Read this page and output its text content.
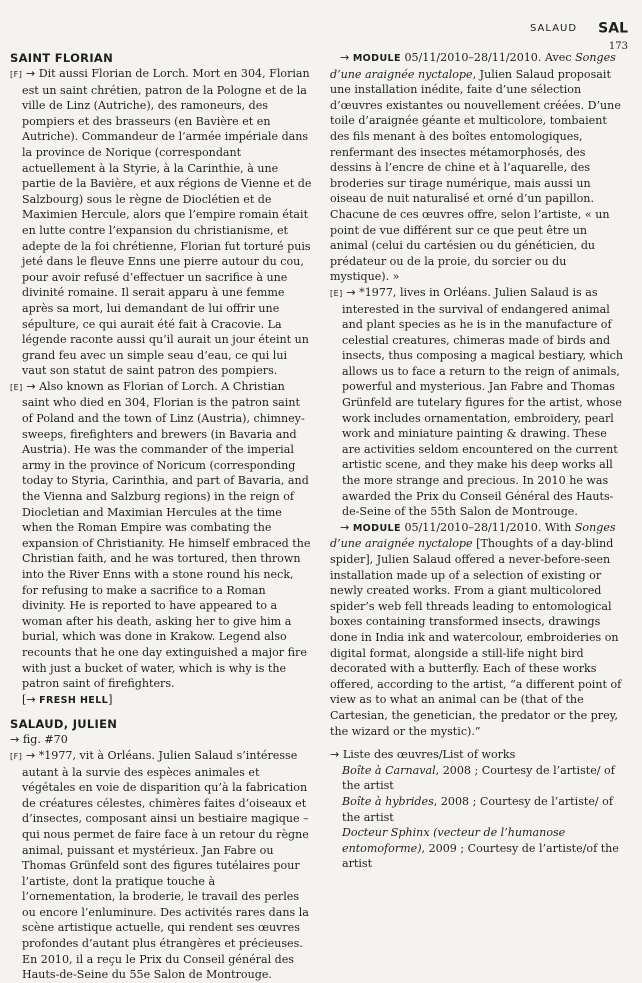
SALAUD SAL
173
SAINT FLORIAN

[F] → Dit aussi Florian de Lorch. Mort en 304, Florian est un saint chrétien, patron de la Pologne et de la ville de Linz (Autriche), des ramoneurs, des pompiers et des brasseurs (en Bavière et en Autriche). Commandeur de l’armée impériale dans la province de Norique (correspondant actuellement à la Styrie, à la Carinthie, à une partie de la Bavière, et aux régions de Vienne et de Salzbourg) sous le règne de Dioclétien et de Maximien Hercule, alors que l’empire romain était en lutte contre l’expansion du christianisme, et adepte de la foi chrétienne, Florian fut torturé puis jeté dans le fleuve Enns une pierre autour du cou, pour avoir refusé d’effectuer un sacrifice à une divinité romaine. Il serait apparu à une femme après sa mort, lui demandant de lui offrir une sépulture, ce qui aurait été fait à Cracovie. La légende raconte aussi qu’il aurait un jour éteint un grand feu avec un simple seau d’eau, ce qui lui vaut son statut de saint patron des pompiers.

[E] → Also known as Florian of Lorch. A Christian saint who died en 304, Florian is the patron saint of Poland and the town of Linz (Austria), chimney-sweeps, firefighters and brewers (in Bavaria and Austria). He was the commander of the imperial army in the province of Noricum (corresponding today to Styria, Carinthia, and part of Bavaria, and the Vienna and Salzburg regions) in the reign of Diocletian and Maximian Hercules at the time when the Roman Empire was combating the expansion of Christianity. He himself embraced the Christian faith, and he was tortured, then thrown into the River Enns with a stone round his neck, for refusing to make a sacrifice to a Roman divinity. He is reported to have appeared to a woman after his death, asking her to give him a burial, which was done in Krakow. Legend also recounts that he one day extinguished a major fire with just a bucket of water, which is why is the patron saint of firefighters.

[→ FRESH HELL]

SALAUD, JULIEN

→ fig. #70

[F] → *1977, vit à Orléans. Julien Salaud s’intéresse autant à la survie des espèces animales et végétales en voie de disparition qu’à la fabrication de créatures célestes, chimères faites d’oiseaux et d’insectes, composant ainsi un bestiaire magique – qui nous permet de faire face à un retour du règne animal, puissant et mystérieux. Jan Fabre ou Thomas Grünfeld sont des figures tutélaires pour l’artiste, dont la pratique touche à l’ornementation, la broderie, le travail des perles ou encore l’enluminure. Des activités rares dans la scène artistique actuelle, qui rendent ses œuvres profondes d’autant plus étrangères et précieuses. En 2010, il a reçu le Prix du Conseil général des Hauts-de-Seine du 55e Salon de Montrouge.

→ MODULE 05/11/2010–28/11/2010. Avec Songes d’une araignée nyctalope, Julien Salaud proposait une installation inédite, faite d’une sélection d’œuvres existantes ou nouvellement créées. D’une toile d’araignée géante et multicolore, tombaient des fils menant à des boîtes entomologiques, renfermant des insectes métamorphosés, des dessins à l’encre de chine et à l’aquarelle, des broderies sur tirage numérique, mais aussi un oiseau de nuit naturalisé et orné d’un papillon. Chacune de ces œuvres offre, selon l’artiste, « un point de vue différent sur ce que peut être un animal (celui du cartésien ou du généticien, du prédateur ou de la proie, du sorcier ou du mystique). »

[E] → *1977, lives in Orléans. Julien Salaud is as interested in the survival of endangered animal and plant species as he is in the manufacture of celestial creatures, chimeras made of birds and insects, thus composing a magical bestiary, which allows us to face a return to the reign of animals, powerful and mysterious. Jan Fabre and Thomas Grünfeld are tutelary figures for the artist, whose work includes ornamentation, embroidery, pearl work and miniature painting & drawing. These are activities seldom encountered on the current artistic scene, and they make his deep works all the more strange and precious. In 2010 he was awarded the Prix du Conseil Général des Hauts-de-Seine of the 55th Salon de Montrouge.

→ MODULE 05/11/2010–28/11/2010. With Songes d’une araignée nyctalope [Thoughts of a day-blind spider], Julien Salaud offered a never-before-seen installation made up of a selection of existing or newly created works. From a giant multicolored spider’s web fell threads leading to entomological boxes containing transformed insects, drawings done in India ink and watercolour, embroideries on digital format, alongside a still-life night bird decorated with a butterfly. Each of these works offered, according to the artist, “a different point of view as to what an animal can be (that of the Cartesian, the genetician, the predator or the prey, the wizard or the mystic).”

→ Liste des œuvres/List of works

Boîte à Carnaval, 2008 ; Courtesy de l’artiste/ of the artist

Boîte à hybrides, 2008 ; Courtesy de l’artiste/ of the artist

Docteur Sphinx (vecteur de l’humanose entomoforme), 2009 ; Courtesy de l’artiste/of the artist
